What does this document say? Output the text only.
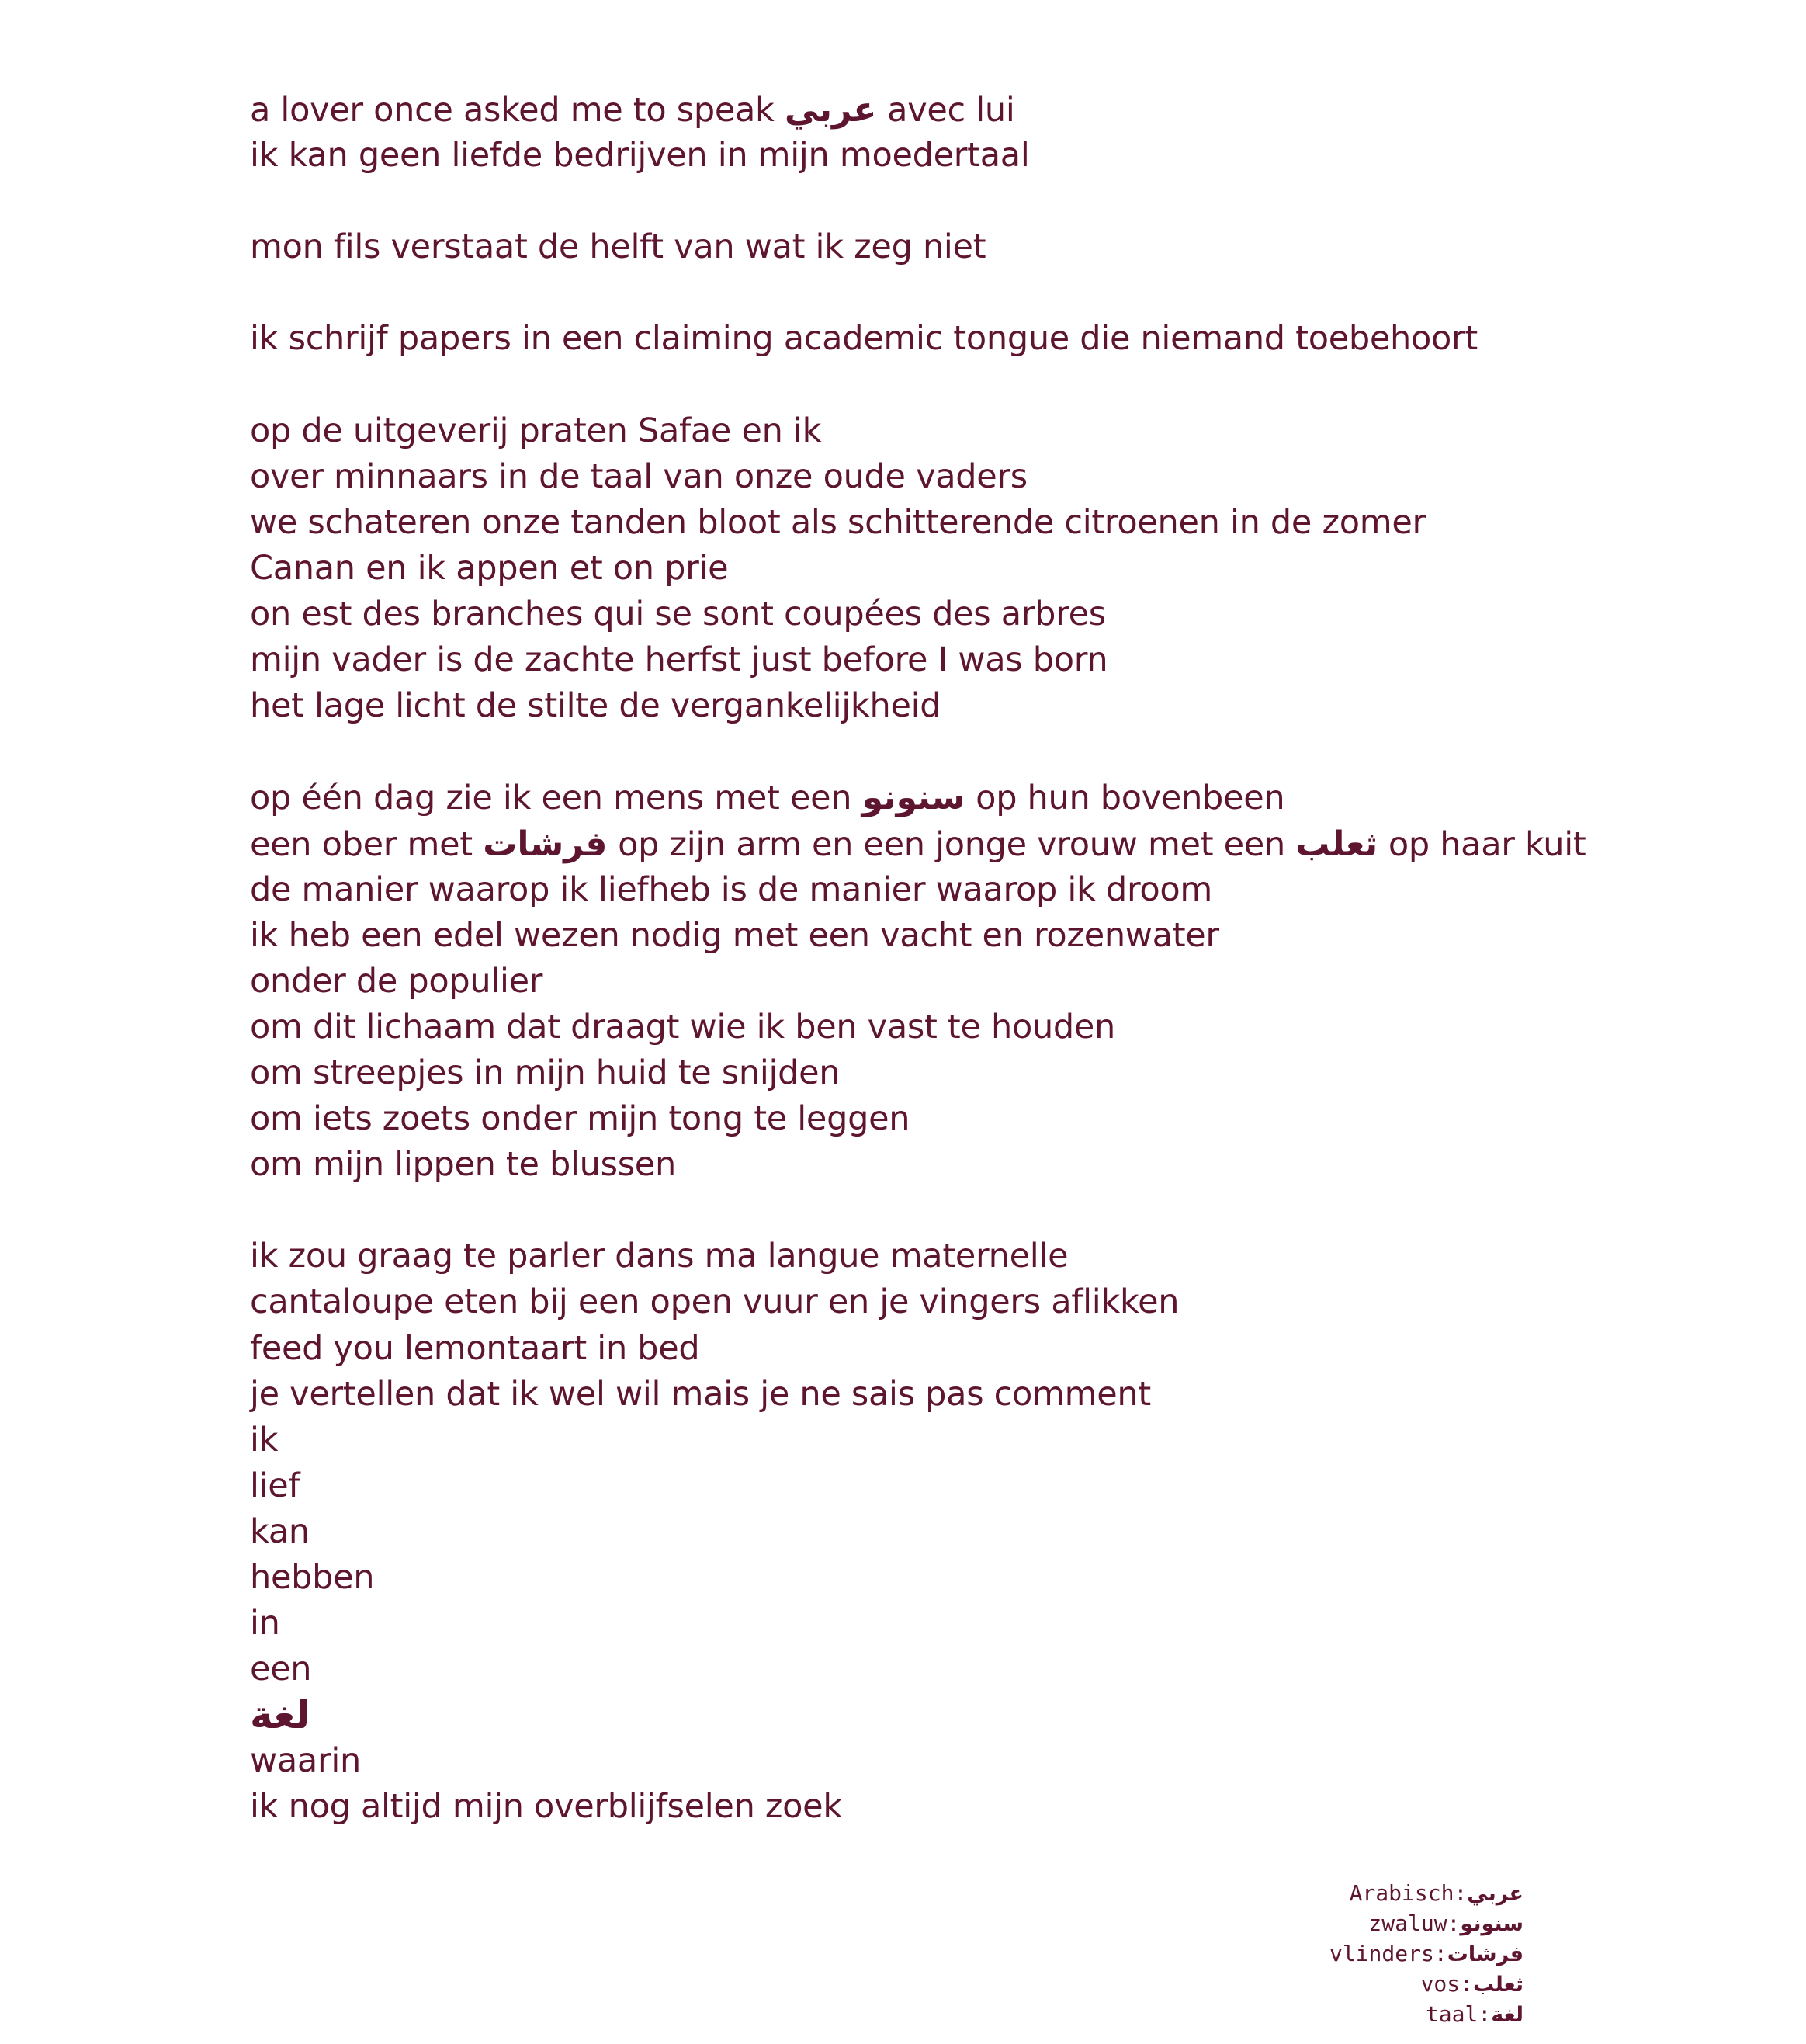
a lover once asked me to speak عربي avec lui
ik kan geen liefde bedrijven in mijn moedertaal
mon fils verstaat de helft van wat ik zeg niet
ik schrijf papers in een claiming academic tongue die niemand toebehoort
op de uitgeverij praten Safae en ik
over minnaars in de taal van onze oude vaders
we schateren onze tanden bloot als schitterende citroenen in de zomer
Canan en ik appen et on prie
on est des branches qui se sont coupées des arbres
mijn vader is de zachte herfst just before I was born
het lage licht de stilte de vergankelijkheid
op één dag zie ik een mens met een سنونو op hun bovenbeen
een ober met فرشات op zijn arm en een jonge vrouw met een ثعلب op haar kuit
de manier waarop ik liefheb is de manier waarop ik droom
ik heb een edel wezen nodig met een vacht en rozenwater
onder de populier
om dit lichaam dat draagt wie ik ben vast te houden
om streepjes in mijn huid te snijden
om iets zoets onder mijn tong te leggen
om mijn lippen te blussen
ik zou graag te parler dans ma langue maternelle
cantaloupe eten bij een open vuur en je vingers aflikken
feed you lemontaart in bed
je vertellen dat ik wel wil mais je ne sais pas comment
ik
lief
kan
hebben
in
een
لغة
waarin
ik nog altijd mijn overblijfselen zoek
Arabisch:عربي
zwaluw:سنونو
vlinders:فرشات
vos:ثعلب
taal:لغة
